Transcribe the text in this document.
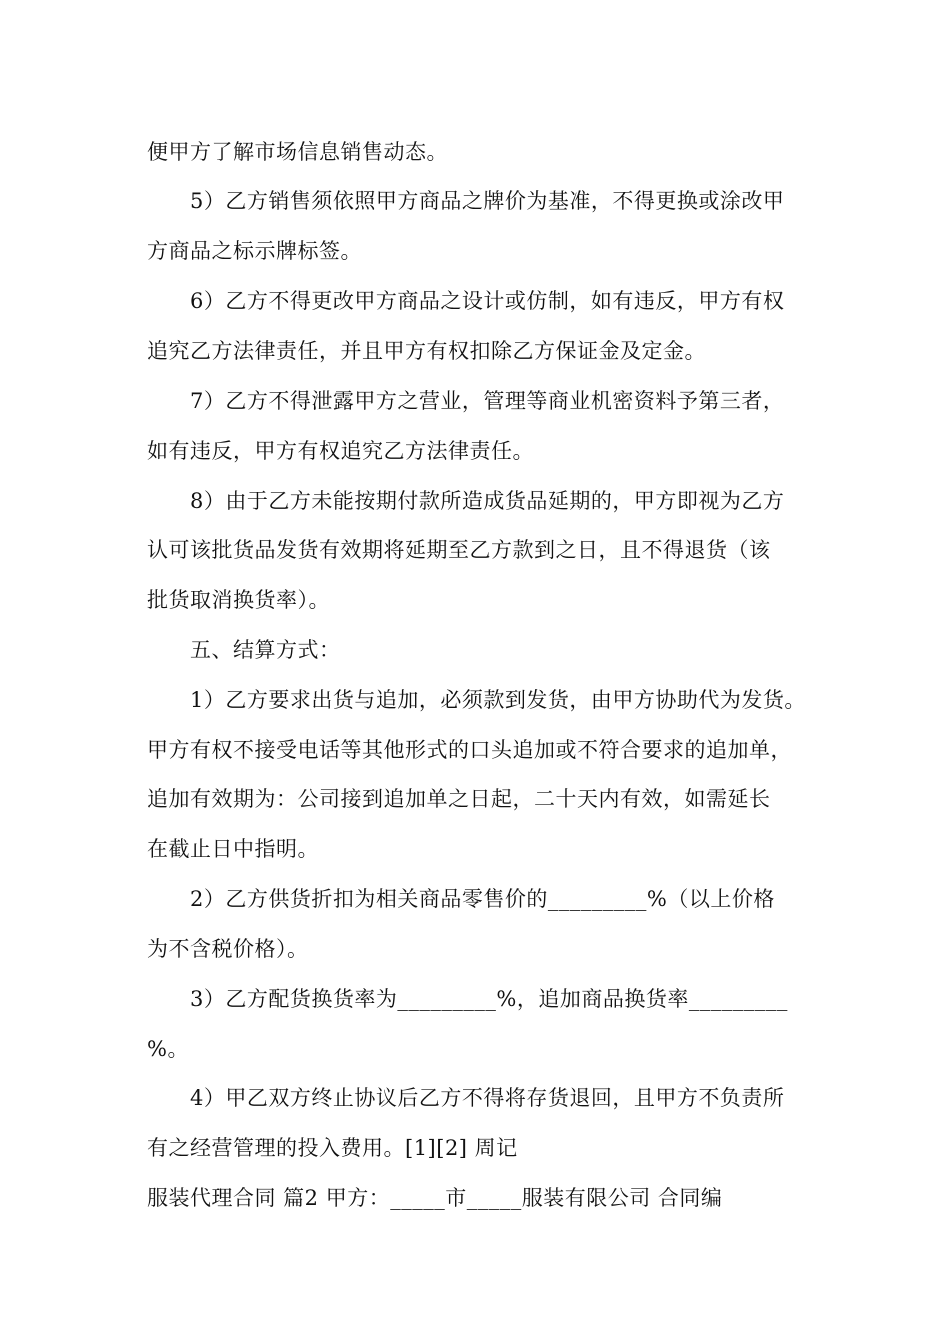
便甲方了解市场信息销售动态。
5）乙方销售须依照甲方商品之牌价为基准，不得更换或涂改甲
方商品之标示牌标签。
6）乙方不得更改甲方商品之设计或仿制，如有违反，甲方有权
追究乙方法律责任，并且甲方有权扣除乙方保证金及定金。
7）乙方不得泄露甲方之营业，管理等商业机密资料予第三者，
如有违反，甲方有权追究乙方法律责任。
8）由于乙方未能按期付款所造成货品延期的，甲方即视为乙方
认可该批货品发货有效期将延期至乙方款到之日，且不得退货（该
批货取消换货率）。
五、结算方式：
1）乙方要求出货与追加，必须款到发货，由甲方协助代为发货。
甲方有权不接受电话等其他形式的口头追加或不符合要求的追加单，
追加有效期为：公司接到追加单之日起，二十天内有效，如需延长
在截止日中指明。
2）乙方供货折扣为相关商品零售价的_________%（以上价格
为不含税价格）。
3）乙方配货换货率为_________%，追加商品换货率_________
%。
4）甲乙双方终止协议后乙方不得将存货退回，且甲方不负责所
有之经营管理的投入费用。[1][2] 周记
服装代理合同 篇2 甲方：_____市_____服装有限公司 合同编
